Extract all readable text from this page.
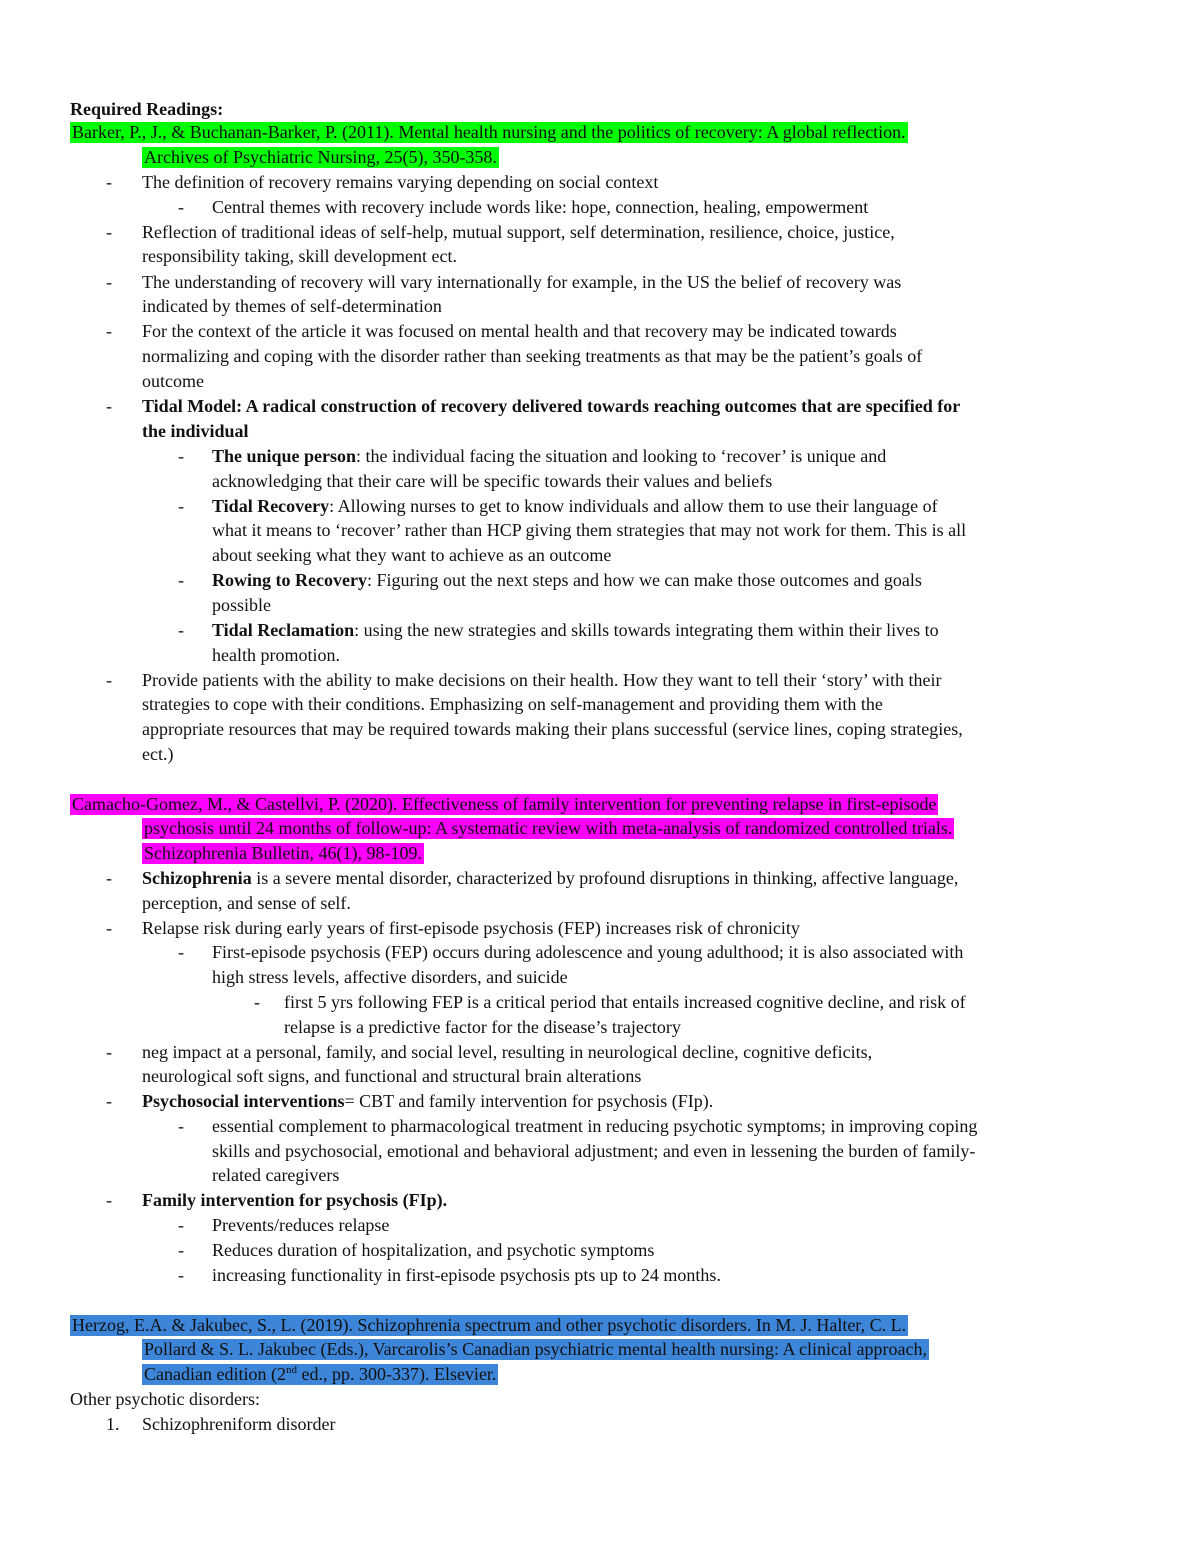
Required Readings:
Barker, P., J., & Buchanan-Barker, P. (2011). Mental health nursing and the politics of recovery: A global reflection.
Archives of Psychiatric Nursing, 25(5), 350-358.
- The definition of recovery remains varying depending on social context
- Central themes with recovery include words like: hope, connection, healing, empowerment
- Reflection of traditional ideas of self-help, mutual support, self determination, resilience, choice, justice,
responsibility taking, skill development ect.
- The understanding of recovery will vary internationally for example, in the US the belief of recovery was
indicated by themes of self-determination
- For the context of the article it was focused on mental health and that recovery may be indicated towards
normalizing and coping with the disorder rather than seeking treatments as that may be the patient’s goals of
outcome
- Tidal Model: A radical construction of recovery delivered towards reaching outcomes that are specified for
the individual
- The unique person: the individual facing the situation and looking to ‘recover’ is unique and
acknowledging that their care will be specific towards their values and beliefs
- Tidal Recovery: Allowing nurses to get to know individuals and allow them to use their language of
what it means to ‘recover’ rather than HCP giving them strategies that may not work for them. This is all
about seeking what they want to achieve as an outcome
- Rowing to Recovery: Figuring out the next steps and how we can make those outcomes and goals
possible
- Tidal Reclamation: using the new strategies and skills towards integrating them within their lives to
health promotion.
- Provide patients with the ability to make decisions on their health. How they want to tell their ‘story’ with their
strategies to cope with their conditions. Emphasizing on self-management and providing them with the
appropriate resources that may be required towards making their plans successful (service lines, coping strategies,
ect.)
Camacho-Gomez, M., & Castellvi, P. (2020). Effectiveness of family intervention for preventing relapse in first-episode
psychosis until 24 months of follow-up: A systematic review with meta-analysis of randomized controlled trials.
Schizophrenia Bulletin, 46(1), 98-109.
- Schizophrenia is a severe mental disorder, characterized by profound disruptions in thinking, affective language,
perception, and sense of self.
- Relapse risk during early years of first-episode psychosis (FEP) increases risk of chronicity
- First-episode psychosis (FEP) occurs during adolescence and young adulthood; it is also associated with
high stress levels, affective disorders, and suicide
- first 5 yrs following FEP is a critical period that entails increased cognitive decline, and risk of
relapse is a predictive factor for the disease’s trajectory
- neg impact at a personal, family, and social level, resulting in neurological decline, cognitive deficits,
neurological soft signs, and functional and structural brain alterations
- Psychosocial interventions= CBT and family intervention for psychosis (FIp).
- essential complement to pharmacological treatment in reducing psychotic symptoms; in improving coping
skills and psychosocial, emotional and behavioral adjustment; and even in lessening the burden of family-
related caregivers
- Family intervention for psychosis (FIp).
- Prevents/reduces relapse
- Reduces duration of hospitalization, and psychotic symptoms
- increasing functionality in first-episode psychosis pts up to 24 months.
Herzog, E.A. & Jakubec, S., L. (2019). Schizophrenia spectrum and other psychotic disorders. In M. J. Halter, C. L.
Pollard & S. L. Jakubec (Eds.), Varcarolis’s Canadian psychiatric mental health nursing: A clinical approach,
Canadian edition (2nd ed., pp. 300-337). Elsevier.
Other psychotic disorders:
1. Schizophreniform disorder
